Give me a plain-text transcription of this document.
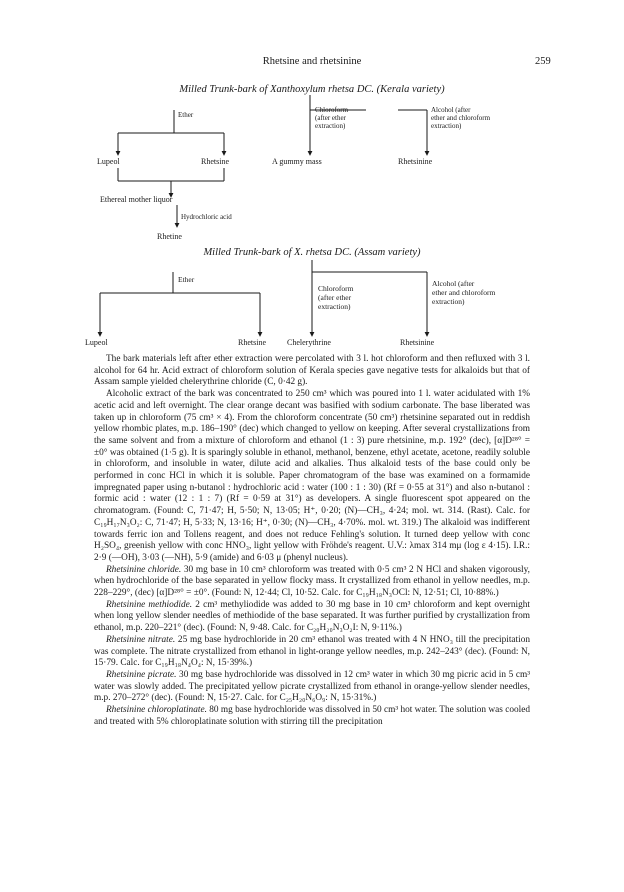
Rhetsine and rhetsinine	259
Milled Trunk-bark of Xanthoxylum rhetsa DC. (Kerala variety)
Ether
Chloroform
(after ether
extraction)
Alcohol (after
ether and chloroform
extraction)
Lupeol	Rhetsine	A gummy mass	Rhetsinine
Ethereal mother liquor
Hydrochloric acid
Rhetine
Milled Trunk-bark of X. rhetsa DC. (Assam variety)
Ether
Chloroform
(after ether
extraction)
Alcohol (after
ether and chloroform
extraction)
Lupeol	Rhetsine	Chelerythrine	Rhetsinine

The bark materials left after ether extraction were percolated with 3 l. hot chloroform and then refluxed with 3 l. alcohol for 64 hr. Acid extract of chloroform solution of Kerala species gave negative tests for alkaloids but that of Assam sample yielded chelerythrine chloride (C, 0·42 g).

Alcoholic extract of the bark was concentrated to 250 cm³ which was poured into 1 l. water acidulated with 1% acetic acid and left overnight. The clear orange decant was basified with sodium carbonate. The base liberated was taken up in chloroform (75 cm³ × 4). From the chloroform concentrate (50 cm³) rhetsinine separated out in reddish yellow rhombic plates, m.p. 186–190° (dec) which changed to yellow on keeping. After several crystallizations from the same solvent and from a mixture of chloroform and ethanol (1 : 3) pure rhetsinine, m.p. 192° (dec), [α]D²⁸° = ±0° was obtained (1·5 g). It is sparingly soluble in ethanol, methanol, benzene, ethyl acetate, acetone, readily soluble in chloroform, and insoluble in water, dilute acid and alkalies. Thus alkaloid tests of the base could only be performed in conc HCl in which it is soluble. Paper chromatogram of the base was examined on a formamide impregnated paper using n-butanol : hydrochloric acid : water (100 : 1 : 30) (Rf = 0·55 at 31°) and also n-butanol : formic acid : water (12 : 1 : 7) (Rf = 0·59 at 31°) as developers. A single fluorescent spot appeared on the chromatogram. (Found: C, 71·47; H, 5·50; N, 13·05; H⁺, 0·20; (N)—CH₃, 4·24; mol. wt. 314. (Rast). Calc. for C₁₉H₁₇N₃O₂: C, 71·47; H, 5·33; N, 13·16; H⁺, 0·30; (N)—CH₃, 4·70%. mol. wt. 319.) The alkaloid was indifferent towards ferric ion and Tollens reagent, and does not reduce Fehling's solution. It turned deep yellow with conc H₂SO₄, greenish yellow with conc HNO₃, light yellow with Fröhde's reagent. U.V.: λmax 314 mμ (log ε 4·15). I.R.: 2·9 (—OH), 3·03 (—NH), 5·9 (amide) and 6·03 μ (phenyl nucleus).

Rhetsinine chloride. 30 mg base in 10 cm³ chloroform was treated with 0·5 cm³ 2 N HCl and shaken vigorously, when hydrochloride of the base separated in yellow flocky mass. It crystallized from ethanol in yellow needles, m.p. 228–229°, (dec) [α]D²⁸° = ±0°. (Found: N, 12·44; Cl, 10·52. Calc. for C₁₉H₁₈N₃OCl: N, 12·51; Cl, 10·88%.)

Rhetsinine methiodide. 2 cm³ methyliodide was added to 30 mg base in 10 cm³ chloroform and kept overnight when long yellow slender needles of methiodide of the base separated. It was further purified by crystallization from ethanol, m.p. 220–221° (dec). (Found: N, 9·48. Calc. for C₂₀H₂₀N₃O₂I: N, 9·11%.)

Rhetsinine nitrate. 25 mg base hydrochloride in 20 cm³ ethanol was treated with 4 N HNO₃ till the precipitation was complete. The nitrate crystallized from ethanol in light-orange yellow needles, m.p. 242–243° (dec). (Found: N, 15·79. Calc. for C₁₉H₁₈N₄O₄: N, 15·39%.)

Rhetsinine picrate. 30 mg base hydrochloride was dissolved in 12 cm³ water in which 30 mg picric acid in 5 cm³ water was slowly added. The precipitated yellow picrate crystallized from ethanol in orange-yellow slender needles, m.p. 270–272° (dec). (Found: N, 15·27. Calc. for C₂₅H₂₀N₆O₉: N, 15·31%.)

Rhetsinine chloroplatinate. 80 mg base hydrochloride was dissolved in 50 cm³ hot water. The solution was cooled and treated with 5% chloroplatinate solution with stirring till the precipitation
